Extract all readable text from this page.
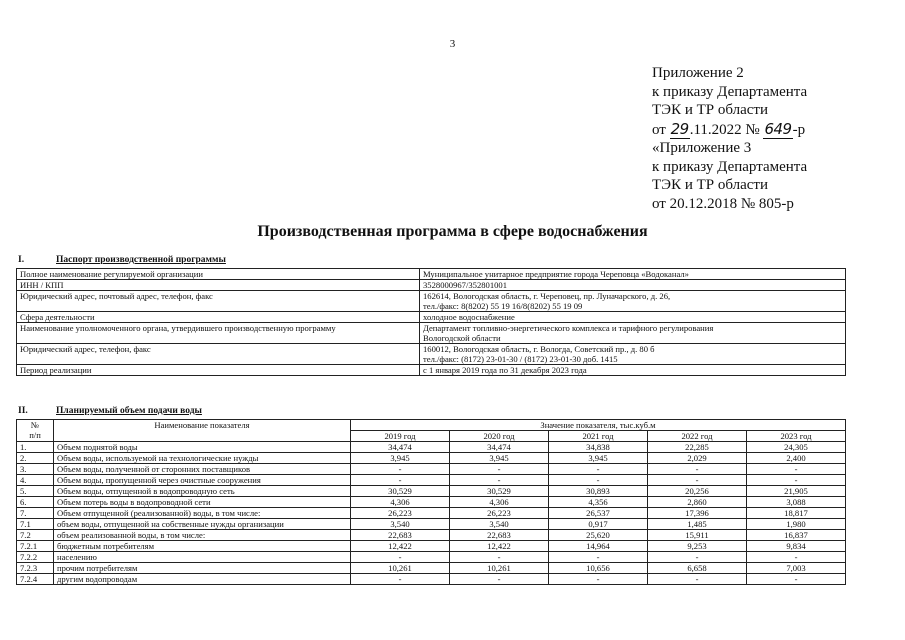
3
Приложение 2
к приказу Департамента
ТЭК и ТР области
от 29.11.2022 № 649-р
«Приложение 3
к приказу Департамента
ТЭК и ТР области
от 20.12.2018 № 805-р
Производственная программа в сфере водоснабжения
I.	Паспорт производственной программы
Полное наименование регулируемой организации	Муниципальное унитарное предприятие города Череповца «Водоканал»

ИНН / КПП	3528000967/352801001

Юридический адрес, почтовый адрес, телефон, факс	162614, Вологодская область, г. Череповец, пр. Луначарского, д. 26,
тел./факс: 8(8202) 55 19 16/8(8202) 55 19 09

Сфера деятельности	холодное водоснабжение

Наименование уполномоченного органа, утвердившего производственную программу	Департамент топливно-энергетического комплекса и тарифного регулирования
Вологодской области

Юридический адрес, телефон, факс	160012, Вологодская область, г. Вологда, Советский пр., д. 80 б
тел./факс: (8172) 23-01-30 / (8172) 23-01-30 доб. 1415

Период реализации	с 1 января 2019 года по 31 декабря 2023 года
II.	Планируемый объем подачи воды
№
п/п	Наименование показателя	Значение показателя, тыс.куб.м				
		2019 год	2020 год	2021 год	2022 год	2023 год
1.	Объем поднятой воды	34,474	34,474	34,838	22,285	24,305
2.	Объем воды, используемой на технологические нужды	3,945	3,945	3,945	2,029	2,400
3.	Объем воды, полученной от сторонних поставщиков	-	-	-	-	-
4.	Объем воды, пропущенной через очистные сооружения	-	-	-	-	-
5.	Объем воды, отпущенной в водопроводную сеть	30,529	30,529	30,893	20,256	21,905
6.	Объем потерь воды в водопроводной сети	4,306	4,306	4,356	2,860	3,088
7.	Объем отпущенной (реализованной) воды, в том числе:	26,223	26,223	26,537	17,396	18,817
7.1	объем воды, отпущенной на собственные нужды организации	3,540	3,540	0,917	1,485	1,980
7.2	объем реализованной воды, в том числе:	22,683	22,683	25,620	15,911	16,837
7.2.1	бюджетным потребителям	12,422	12,422	14,964	9,253	9,834
7.2.2	населению	-	-	-	-	-
7.2.3	прочим потребителям	10,261	10,261	10,656	6,658	7,003
7.2.4	другим водопроводам	-	-	-	-	-
